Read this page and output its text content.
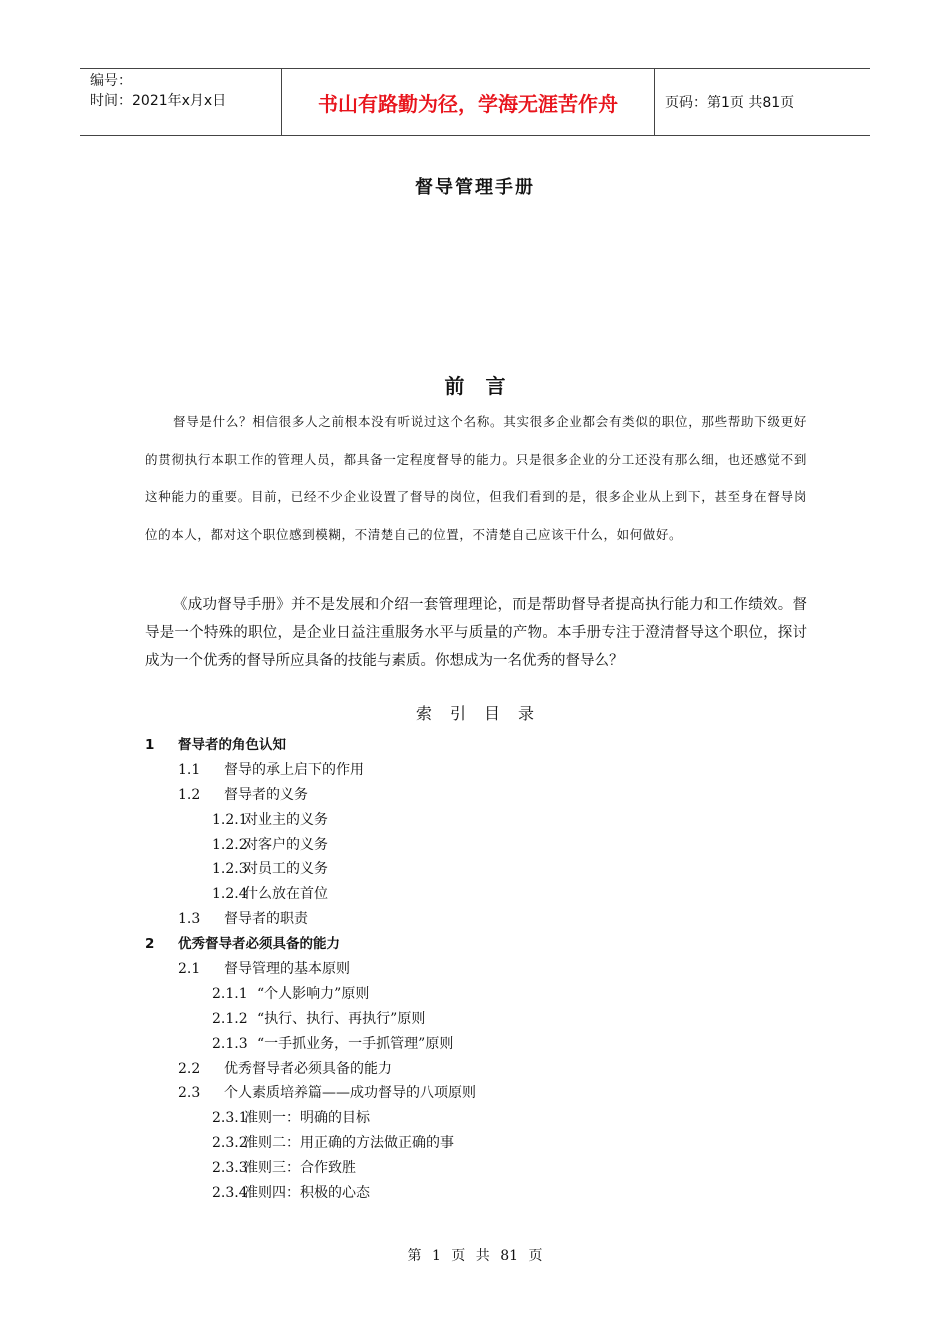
编号：
时间：2021年x月x日	书山有路勤为径，学海无涯苦作舟	页码：第1页 共81页
督导管理手册
前 言

督导是什么？相信很多人之前根本没有听说过这个名称。其实很多企业都会有类似的职位，那些帮助下级更好的贯彻执行本职工作的管理人员，都具备一定程度督导的能力。只是很多企业的分工还没有那么细，也还感觉不到这种能力的重要。目前，已经不少企业设置了督导的岗位，但我们看到的是，很多企业从上到下，甚至身在督导岗位的本人，都对这个职位感到模糊，不清楚自己的位置，不清楚自己应该干什么，如何做好。

《成功督导手册》并不是发展和介绍一套管理理论，而是帮助督导者提高执行能力和工作绩效。督导是一个特殊的职位，是企业日益注重服务水平与质量的产物。本手册专注于澄清督导这个职位，探讨成为一个优秀的督导所应具备的技能与素质。你想成为一名优秀的督导么？

索引目录
1 督导者的角色认知
1.1 督导的承上启下的作用
1.2 督导者的义务
1.2.1
对业主的义务
1.2.2
对客户的义务
1.2.3
对员工的义务
1.2.4
什么放在首位
1.3 督导者的职责
2 优秀督导者必须具备的能力
2.1 督导管理的基本原则
2.1.1 “个人影响力”原则
2.1.2 “执行、执行、再执行”原则
2.1.3 “一手抓业务，一手抓管理”原则
2.2 优秀督导者必须具备的能力
2.3 个人素质培养篇——成功督导的八项原则
2.3.1
准则一：明确的目标
2.3.2
准则二：用正确的方法做正确的事
2.3.3
准则三：合作致胜
2.3.4
准则四：积极的心态
第 1 页 共 81 页
